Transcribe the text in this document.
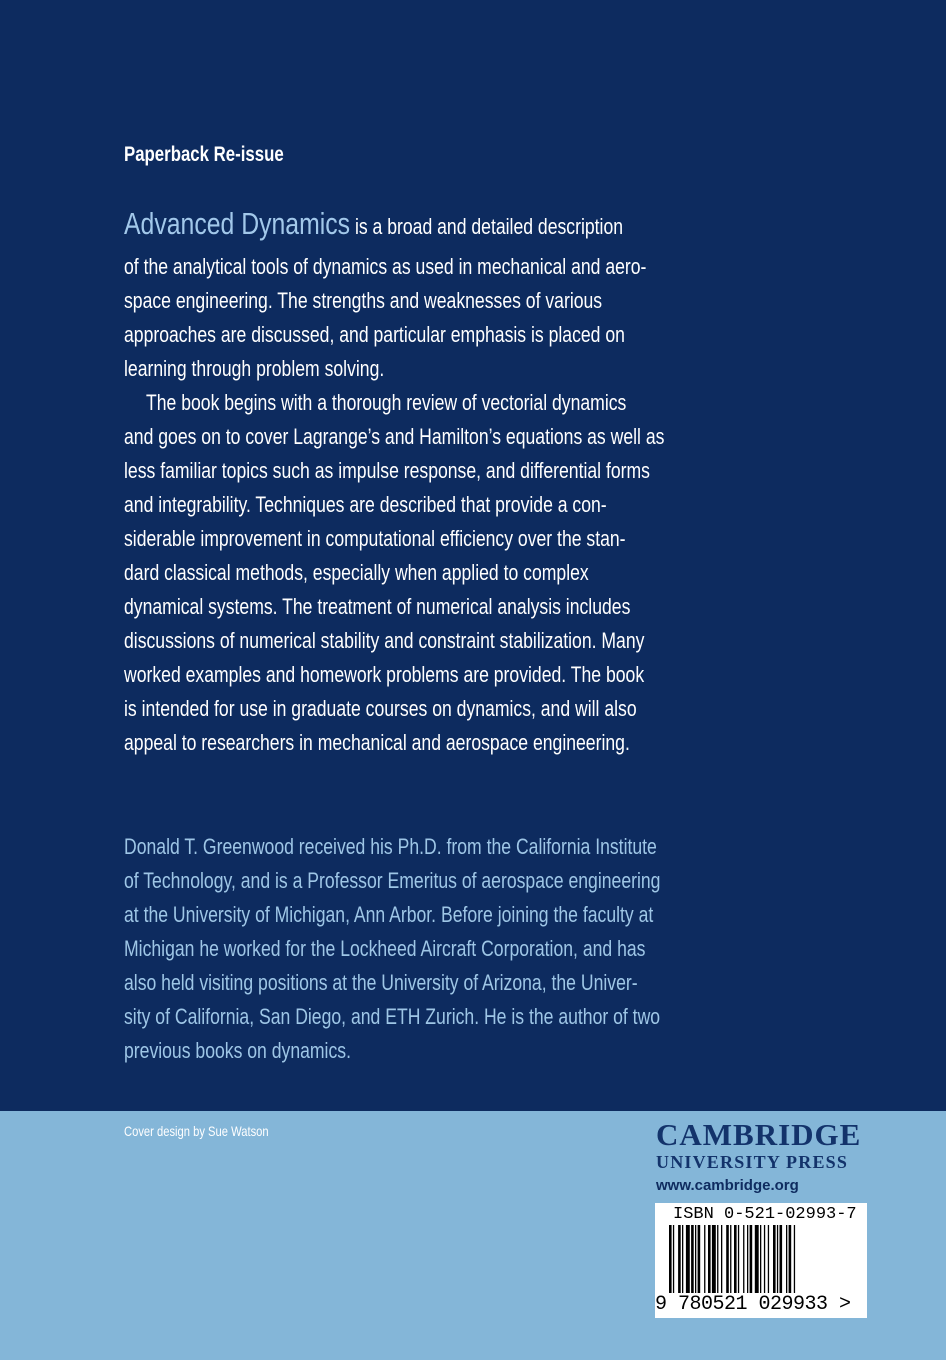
Paperback Re-issue
Advanced Dynamics is a broad and detailed description
of the analytical tools of dynamics as used in mechanical and aero-
space engineering. The strengths and weaknesses of various
approaches are discussed, and particular emphasis is placed on
learning through problem solving.
The book begins with a thorough review of vectorial dynamics
and goes on to cover Lagrange’s and Hamilton’s equations as well as
less familiar topics such as impulse response, and differential forms
and integrability. Techniques are described that provide a con-
siderable improvement in computational efficiency over the stan-
dard classical methods, especially when applied to complex
dynamical systems. The treatment of numerical analysis includes
discussions of numerical stability and constraint stabilization. Many
worked examples and homework problems are provided. The book
is intended for use in graduate courses on dynamics, and will also
appeal to researchers in mechanical and aerospace engineering.
Donald T. Greenwood received his Ph.D. from the California Institute
of Technology, and is a Professor Emeritus of aerospace engineering
at the University of Michigan, Ann Arbor. Before joining the faculty at
Michigan he worked for the Lockheed Aircraft Corporation, and has
also held visiting positions at the University of Arizona, the Univer-
sity of California, San Diego, and ETH Zurich. He is the author of two
previous books on dynamics.
Cover design by Sue Watson	CAMBRIDGE
UNIVERSITY PRESS
www.cambridge.org
ISBN 0-521-02993-7
9 780521 029933 >
